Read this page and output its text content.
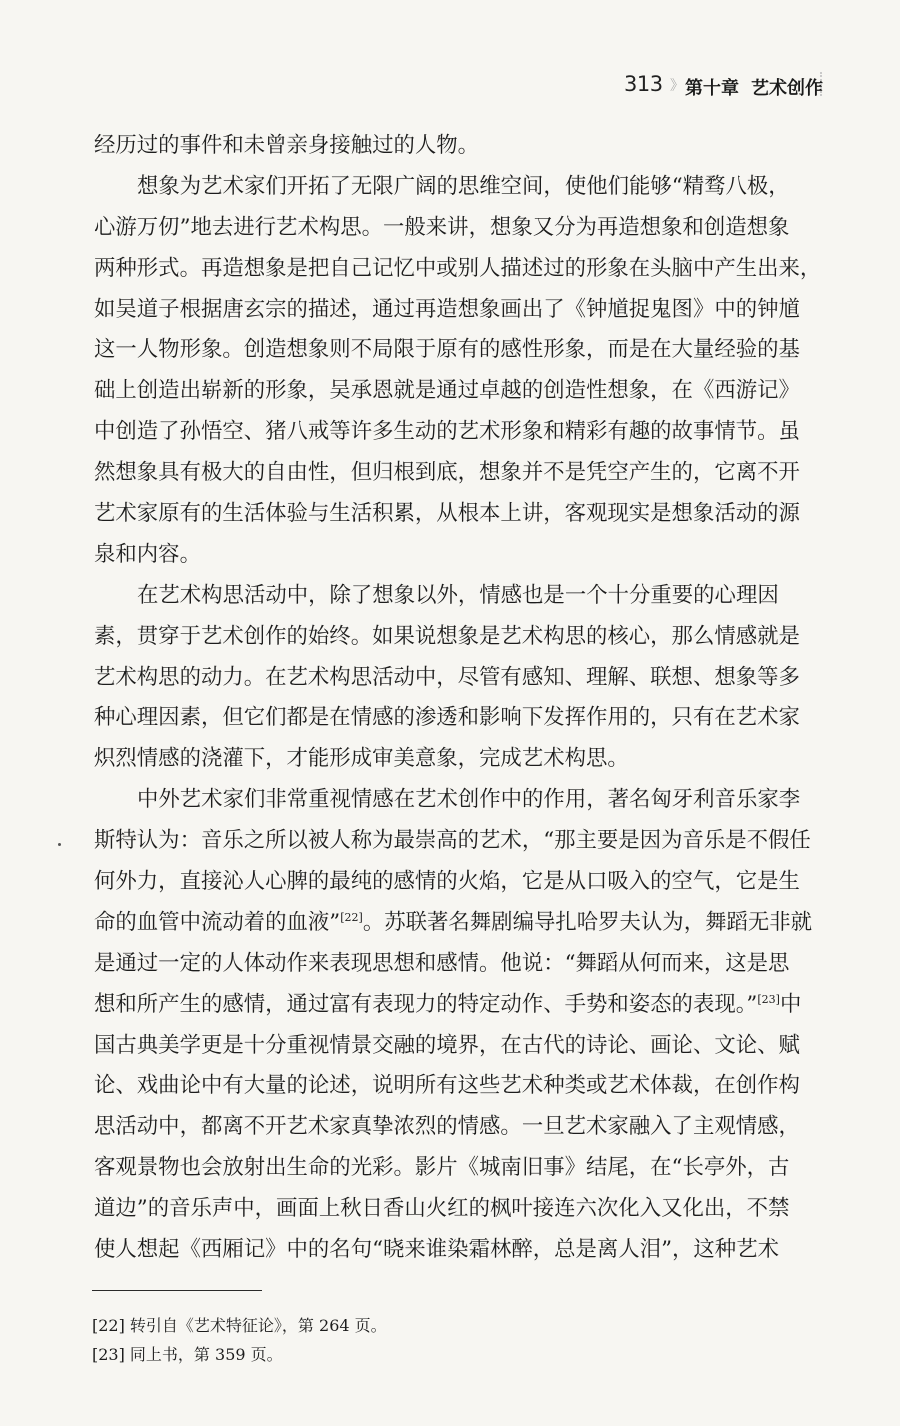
313 》 第十章 艺术创作

经历过的事件和未曾亲身接触过的人物。

想象为艺术家们开拓了无限广阔的思维空间，使他们能够“精骛八极，
心游万仞”地去进行艺术构思。一般来讲，想象又分为再造想象和创造想象
两种形式。再造想象是把自己记忆中或别人描述过的形象在头脑中产生出来，
如吴道子根据唐玄宗的描述，通过再造想象画出了《钟馗捉鬼图》中的钟馗
这一人物形象。创造想象则不局限于原有的感性形象，而是在大量经验的基
础上创造出崭新的形象，吴承恩就是通过卓越的创造性想象，在《西游记》
中创造了孙悟空、猪八戒等许多生动的艺术形象和精彩有趣的故事情节。虽
然想象具有极大的自由性，但归根到底，想象并不是凭空产生的，它离不开
艺术家原有的生活体验与生活积累，从根本上讲，客观现实是想象活动的源
泉和内容。

在艺术构思活动中，除了想象以外，情感也是一个十分重要的心理因
素，贯穿于艺术创作的始终。如果说想象是艺术构思的核心，那么情感就是
艺术构思的动力。在艺术构思活动中，尽管有感知、理解、联想、想象等多
种心理因素，但它们都是在情感的渗透和影响下发挥作用的，只有在艺术家
炽烈情感的浇灌下，才能形成审美意象，完成艺术构思。

中外艺术家们非常重视情感在艺术创作中的作用，著名匈牙利音乐家李
斯特认为：音乐之所以被人称为最崇高的艺术，“那主要是因为音乐是不假任
何外力，直接沁人心脾的最纯的感情的火焰，它是从口吸入的空气，它是生
命的血管中流动着的血液”[22]。苏联著名舞剧编导扎哈罗夫认为，舞蹈无非就
是通过一定的人体动作来表现思想和感情。他说：“舞蹈从何而来，这是思
想和所产生的感情，通过富有表现力的特定动作、手势和姿态的表现。”[23]中
国古典美学更是十分重视情景交融的境界，在古代的诗论、画论、文论、赋
论、戏曲论中有大量的论述，说明所有这些艺术种类或艺术体裁，在创作构
思活动中，都离不开艺术家真挚浓烈的情感。一旦艺术家融入了主观情感，
客观景物也会放射出生命的光彩。影片《城南旧事》结尾，在“长亭外，古
道边”的音乐声中，画面上秋日香山火红的枫叶接连六次化入又化出，不禁
使人想起《西厢记》中的名句“晓来谁染霜林醉，总是离人泪”，这种艺术

[22] 转引自《艺术特征论》，第 264 页。
[23] 同上书，第 359 页。
